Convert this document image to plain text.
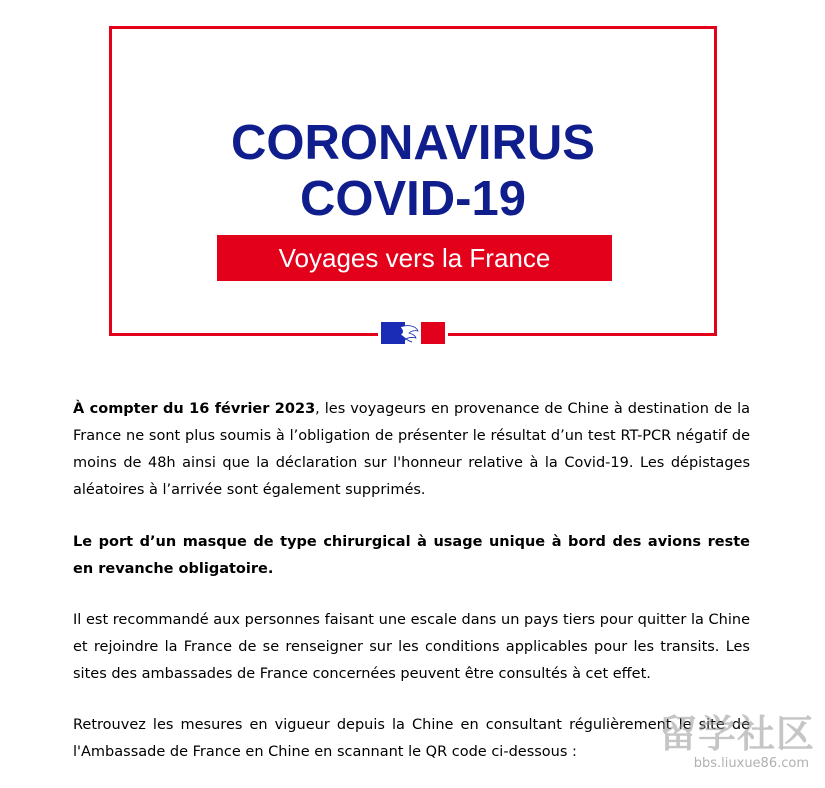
CORONAVIRUS
COVID-19
Voyages vers la France

À compter du 16 février 2023, les voyageurs en provenance de Chine à destination de la France ne sont plus soumis à l’obligation de présenter le résultat d’un test RT-PCR négatif de moins de 48h ainsi que la déclaration sur l'honneur relative à la Covid-19. Les dépistages aléatoires à l’arrivée sont également supprimés.

Le port d’un masque de type chirurgical à usage unique à bord des avions reste en revanche obligatoire.

Il est recommandé aux personnes faisant une escale dans un pays tiers pour quitter la Chine et rejoindre la France de se renseigner sur les conditions applicables pour les transits. Les sites des ambassades de France concernées peuvent être consultés à cet effet.

Retrouvez les mesures en vigueur depuis la Chine en consultant régulièrement le site de l'Ambassade de France en Chine en scannant le QR code ci-dessous :	留学社区
bbs.liuxue86.com
